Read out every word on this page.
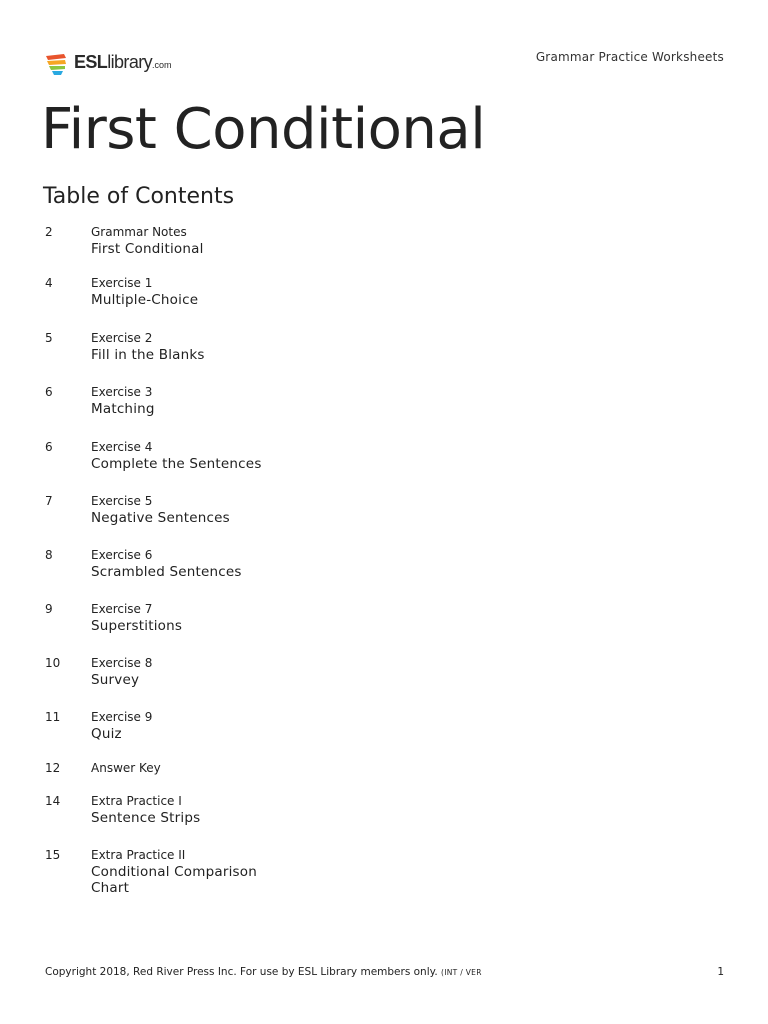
ESLlibrary.com
Grammar Practice Worksheets
First Conditional
Table of Contents
2	Grammar Notes
First Conditional
4	Exercise 1
Multiple-Choice
5	Exercise 2
Fill in the Blanks
6	Exercise 3
Matching
6	Exercise 4
Complete the Sentences
7	Exercise 5
Negative Sentences
8	Exercise 6
Scrambled Sentences
9	Exercise 7
Superstitions
10	Exercise 8
Survey
11	Exercise 9
Quiz
12	Answer Key
14	Extra Practice I
Sentence Strips
15	Extra Practice II
Conditional Comparison Chart
Copyright 2018, Red River Press Inc. For use by ESL Library members only. (INT / VER	1
